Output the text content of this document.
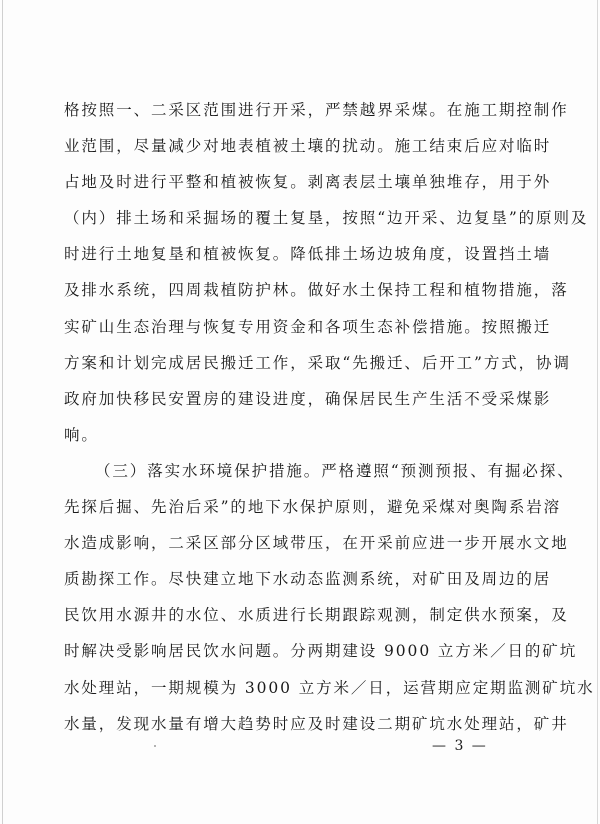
格按照一、二采区范围进行开采，严禁越界采煤。在施工期控制作
业范围，尽量减少对地表植被土壤的扰动。施工结束后应对临时
占地及时进行平整和植被恢复。剥离表层土壤单独堆存，用于外
（内）排土场和采掘场的覆土复垦，按照“边开采、边复垦”的原则及
时进行土地复垦和植被恢复。降低排土场边坡角度，设置挡土墙
及排水系统，四周栽植防护林。做好水土保持工程和植物措施，落
实矿山生态治理与恢复专用资金和各项生态补偿措施。按照搬迁
方案和计划完成居民搬迁工作，采取“先搬迁、后开工”方式，协调
政府加快移民安置房的建设进度，确保居民生产生活不受采煤影
响。
（三）落实水环境保护措施。严格遵照“预测预报、有掘必探、
先探后掘、先治后采”的地下水保护原则，避免采煤对奥陶系岩溶
水造成影响，二采区部分区域带压，在开采前应进一步开展水文地
质勘探工作。尽快建立地下水动态监测系统，对矿田及周边的居
民饮用水源井的水位、水质进行长期跟踪观测，制定供水预案，及
时解决受影响居民饮水问题。分两期建设 9000 立方米／日的矿坑
水处理站，一期规模为 3000 立方米／日，运营期应定期监测矿坑水
水量，发现水量有增大趋势时应及时建设二期矿坑水处理站，矿井
— 3 —
